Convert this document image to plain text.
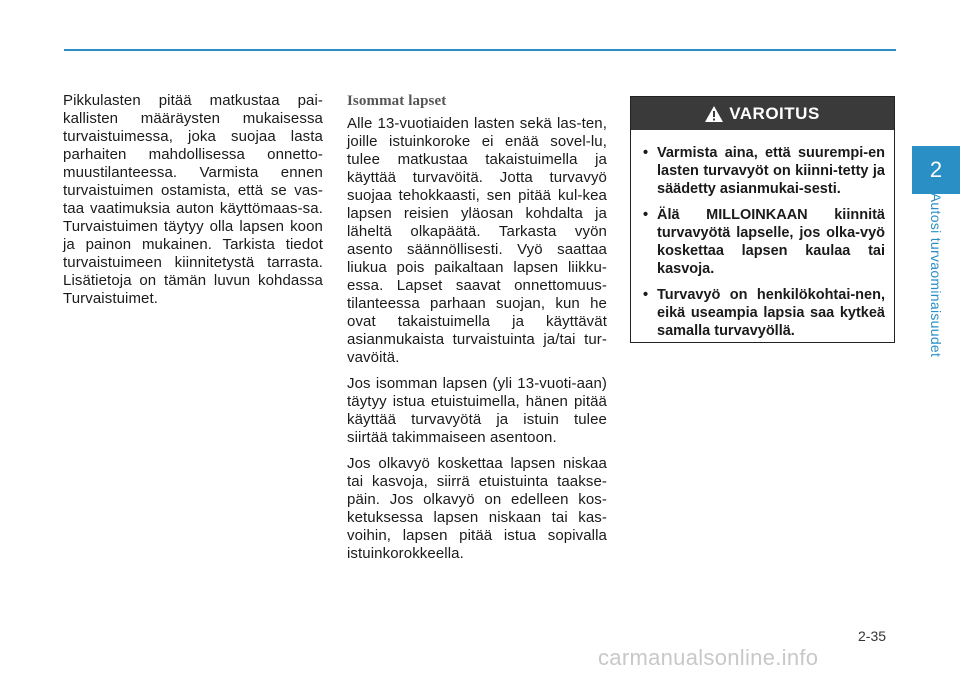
Pikkulasten pitää matkustaa pai-kallisten määräysten mukaisessa turvaistuimessa, joka suojaa lasta parhaiten mahdollisessa onnetto-muustilanteessa. Varmista ennen turvaistuimen ostamista, että se vas-taa vaatimuksia auton käyttömaas-sa. Turvaistuimen täytyy olla lapsen koon ja painon mukainen. Tarkista tiedot turvaistuimeen kiinnitetystä tarrasta. Lisätietoja on tämän luvun kohdassa Turvaistuimet.

Isommat lapset

Alle 13-vuotiaiden lasten sekä las-ten, joille istuinkoroke ei enää sovel-lu, tulee matkustaa takaistuimella ja käyttää turvavöitä. Jotta turvavyö suojaa tehokkaasti, sen pitää kul-kea lapsen reisien yläosan kohdalta ja läheltä olkapäätä. Tarkasta vyön asento säännöllisesti. Vyö saattaa liukua pois paikaltaan lapsen liikku-essa. Lapset saavat onnettomuus-tilanteessa parhaan suojan, kun he ovat takaistuimella ja käyttävät asianmukaista turvaistuinta ja/tai tur-vavöitä.

Jos isomman lapsen (yli 13-vuoti-aan) täytyy istua etuistuimella, hänen pitää käyttää turvavyötä ja istuin tulee siirtää takimmaiseen asentoon.

Jos olkavyö koskettaa lapsen niskaa tai kasvoja, siirrä etuistuinta taakse-päin. Jos olkavyö on edelleen kos-ketuksessa lapsen niskaan tai kas-voihin, lapsen pitää istua sopivalla istuinkorokkeella.

VAROITUS
• Varmista aina, että suurempi-en lasten turvavyöt on kiinni-tetty ja säädetty asianmukai-sesti.
• Älä MILLOINKAAN kiinnitä turvavyötä lapselle, jos olka-vyö koskettaa lapsen kaulaa tai kasvoja.
• Turvavyö on henkilökohtai-nen, eikä useampia lapsia saa kytkeä samalla turvavyöllä.
2
Autosi turvaominaisuudet
2-35
carmanualsonline.info
